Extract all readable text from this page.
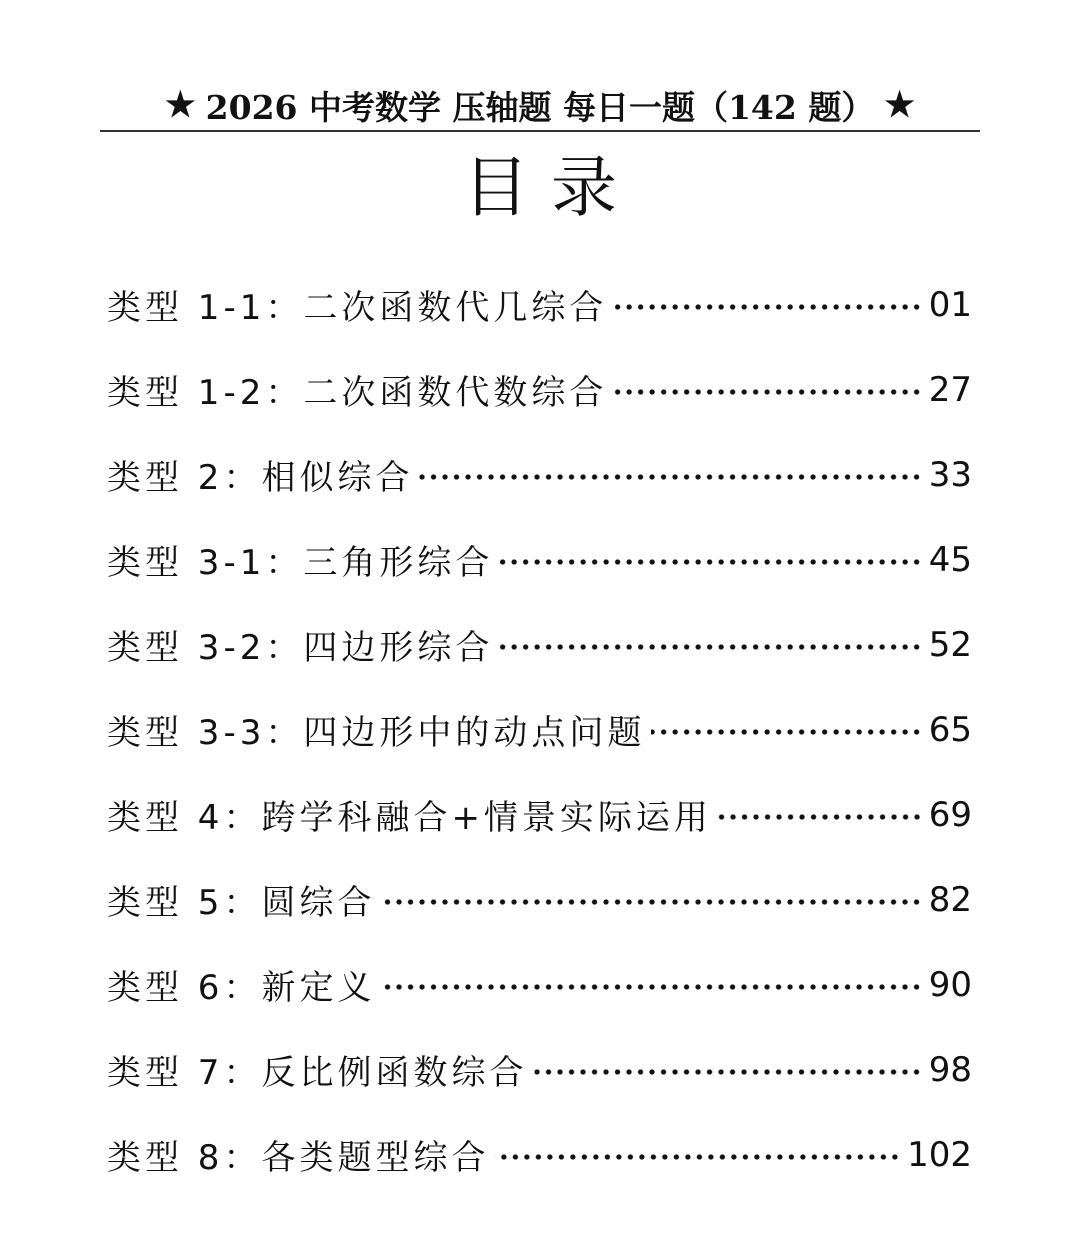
★ 2026 中考数学 压轴题 每日一题（142 题） ★
目录
类型 1-1：二次函数代几综合	01
类型 1-2：二次函数代数综合	27
类型 2：相似综合	33
类型 3-1：三角形综合	45
类型 3-2：四边形综合	52
类型 3-3：四边形中的动点问题	65
类型 4：跨学科融合+情景实际运用	69
类型 5：圆综合	82
类型 6：新定义	90
类型 7：反比例函数综合	98
类型 8：各类题型综合	102
